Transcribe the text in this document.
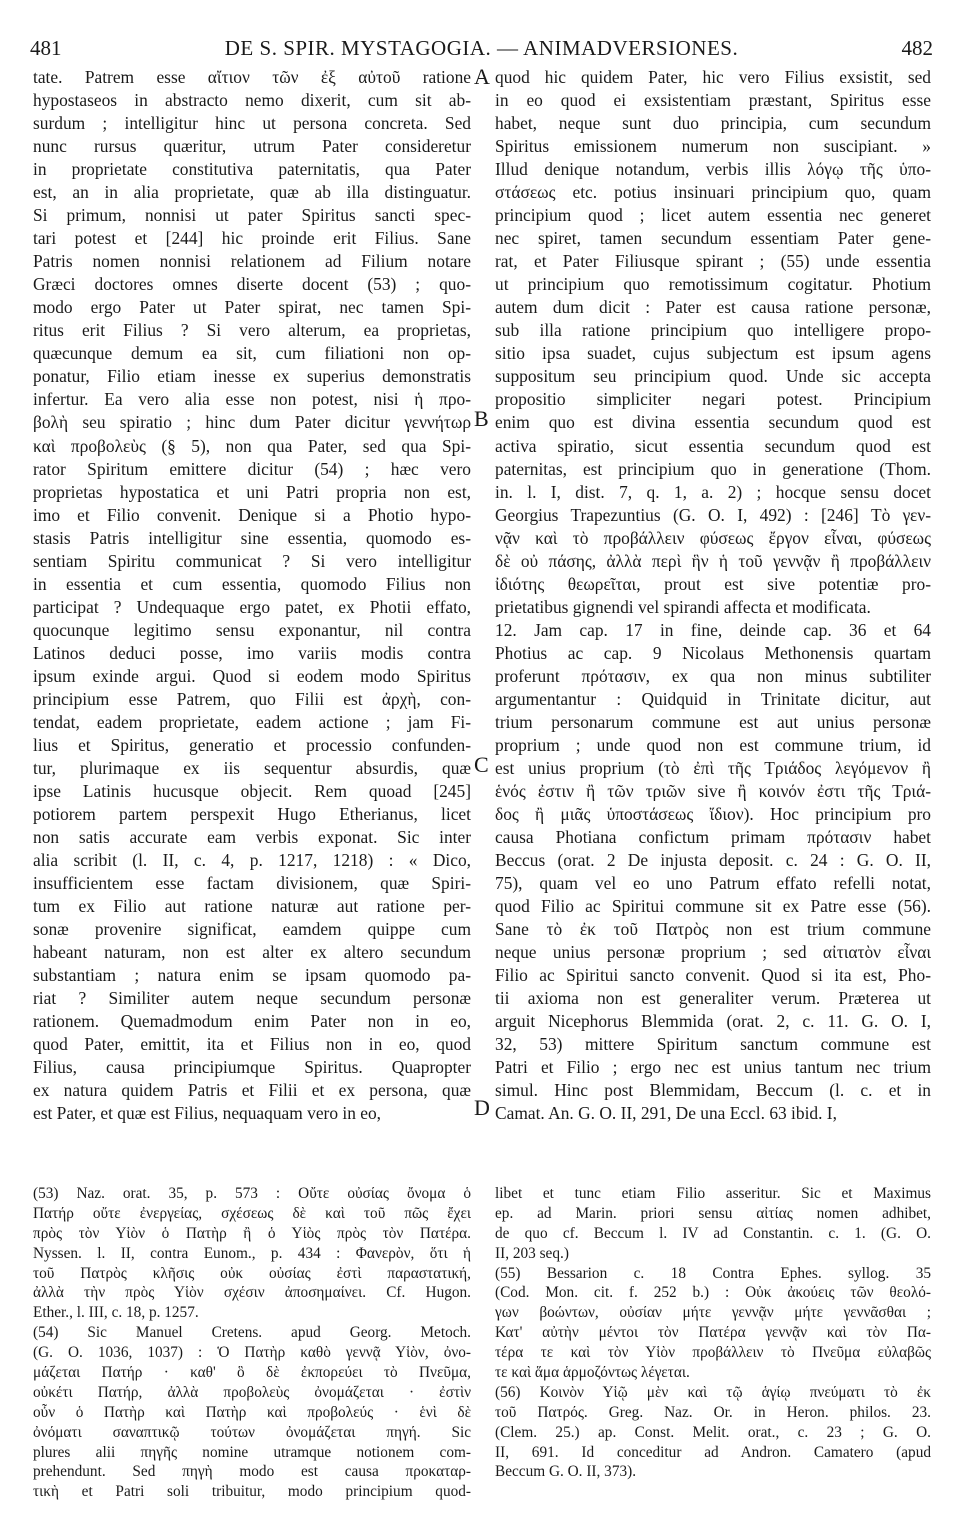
481	DE S. SPIR. MYSTAGOGIA. — ANIMADVERSIONES.	482
A
B
C
D
tate. Patrem esse αἴτιον τῶν ἐξ αὐτοῦ ratione
hypostaseos in abstracto nemo dixerit, cum sit ab-
surdum ; intelligitur hinc ut persona concreta. Sed
nunc rursus quæritur, utrum Pater consideretur
in proprietate constitutiva paternitatis, qua Pater
est, an in alia proprietate, quæ ab illa distinguatur.
Si primum, nonnisi ut pater Spiritus sancti spec-
tari potest et [244] hic proinde erit Filius. Sane
Patris nomen nonnisi relationem ad Filium notare
Græci doctores omnes diserte docent (53) ; quo-
modo ergo Pater ut Pater spirat, nec tamen Spi-
ritus erit Filius ? Si vero alterum, ea proprietas,
quæcunque demum ea sit, cum filiationi non op-
ponatur, Filio etiam inesse ex superius demonstratis
infertur. Ea vero alia esse non potest, nisi ἡ προ-
βολὴ seu spiratio ; hinc dum Pater dicitur γεννήτωρ
καὶ προβολεὺς (§ 5), non qua Pater, sed qua Spi-
rator Spiritum emittere dicitur (54) ; hæc vero
proprietas hypostatica et uni Patri propria non est,
imo et Filio convenit. Denique si a Photio hypo-
stasis Patris intelligitur sine essentia, quomodo es-
sentiam Spiritu communicat ? Si vero intelligitur
in essentia et cum essentia, quomodo Filius non
participat ? Undequaque ergo patet, ex Photii effato,
quocunque legitimo sensu exponantur, nil contra
Latinos deduci posse, imo variis modis contra
ipsum exinde argui. Quod si eodem modo Spiritus
principium esse Patrem, quo Filii est ἀρχὴ, con-
tendat, eadem proprietate, eadem actione ; jam Fi-
lius et Spiritus, generatio et processio confunden-
tur, plurimaque ex iis sequentur absurdis, quæ
ipse Latinis hucusque objecit. Rem quoad [245]
potiorem partem perspexit Hugo Etherianus, licet
non satis accurate eam verbis exponat. Sic inter
alia scribit (l. II, c. 4, p. 1217, 1218) : « Dico,
insufficientem esse factam divisionem, quæ Spiri-
tum ex Filio aut ratione naturæ aut ratione per-
sonæ provenire significat, eamdem quippe cum
habeant naturam, non est alter ex altero secundum
substantiam ; natura enim se ipsam quomodo pa-
riat ? Similiter autem neque secundum personæ
rationem. Quemadmodum enim Pater non in eo,
quod Pater, emittit, ita et Filius non in eo, quod
Filius, causa principiumque Spiritus. Quapropter
ex natura quidem Patris et Filii et ex persona, quæ
est Pater, et quæ est Filius, nequaquam vero in eo,
quod hic quidem Pater, hic vero Filius exsistit, sed
in eo quod ei exsistentiam præstant, Spiritus esse
habet, neque sunt duo principia, cum secundum
Spiritus emissionem numerum non suscipiant. »
Illud denique notandum, verbis illis λόγῳ τῆς ὑπο-
στάσεως etc. potius insinuari principium quo, quam
principium quod ; licet autem essentia nec generet
nec spiret, tamen secundum essentiam Pater gene-
rat, et Pater Filiusque spirant ; (55) unde essentia
ut principium quo remotissimum cogitatur. Photium
autem dum dicit : Pater est causa ratione personæ,
sub illa ratione principium quo intelligere propo-
sitio ipsa suadet, cujus subjectum est ipsum agens
suppositum seu principium quod. Unde sic accepta
propositio simpliciter negari potest. Principium
enim quo est divina essentia secundum quod est
activa spiratio, sicut essentia secundum quod est
paternitas, est principium quo in generatione (Thom.
in. l. I, dist. 7, q. 1, a. 2) ; hocque sensu docet
Georgius Trapezuntius (G. O. I, 492) : [246] Τὸ γεν-
νᾷν καὶ τὸ προβάλλειν φύσεως ἔργον εἶναι, φύσεως
δὲ οὐ πάσης, ἀλλὰ περὶ ἣν ἡ τοῦ γεννᾷν ἢ προβάλλειν
ἰδιότης θεωρεῖται, prout est sive potentiæ pro-
prietatibus gignendi vel spirandi affecta et modificata.
12. Jam cap. 17 in fine, deinde cap. 36 et 64
Photius ac cap. 9 Nicolaus Methonensis quartam
proferunt πρότασιν, ex qua non minus subtiliter
argumentantur : Quidquid in Trinitate dicitur, aut
trium personarum commune est aut unius personæ
proprium ; unde quod non est commune trium, id
est unius proprium (τὸ ἐπὶ τῆς Τριάδος λεγόμενον ἢ
ἑνός ἐστιν ἢ τῶν τριῶν sive ἢ κοινόν ἐστι τῆς Τριά-
δος ἢ μιᾶς ὑποστάσεως ἴδιον). Hoc principium pro
causa Photiana confictum primam πρότασιν habet
Beccus (orat. 2 De injusta deposit. c. 24 : G. O. II,
75), quam vel eo uno Patrum effato refelli notat,
quod Filio ac Spiritui commune sit ex Patre esse (56).
Sane τὸ ἐκ τοῦ Πατρὸς non est trium commune
neque unius personæ proprium ; sed αἰτιατὸν εἶναι
Filio ac Spiritui sancto convenit. Quod si ita est, Pho-
tii axioma non est generaliter verum. Præterea ut
arguit Nicephorus Blemmida (orat. 2, c. 11. G. O. I,
32, 53) mittere Spiritum sanctum commune est
Patri et Filio ; ergo nec est unius tantum nec trium
simul. Hinc post Blemmidam, Beccum (l. c. et in
Camat. An. G. O. II, 291, De una Eccl. 63 ibid. I,
(53) Naz. orat. 35, p. 573 : Οὔτε οὐσίας ὄνομα ὁ
Πατήρ οὔτε ἐνεργείας, σχέσεως δὲ καὶ τοῦ πῶς ἔχει
πρὸς τὸν Υἱὸν ὁ Πατὴρ ἢ ὁ Υἱὸς πρὸς τὸν Πατέρα.
Nyssen. l. II, contra Eunom., p. 434 : Φανερὸν, ὅτι ἡ
τοῦ Πατρὸς κλῆσις οὐκ οὐσίας ἐστὶ παραστατική,
ἀλλὰ τὴν πρὸς Υἱὸν σχέσιν ἀποσημαίνει. Cf. Hugon.
Ether., l. III, c. 18, p. 1257.
(54) Sic Manuel Cretens. apud Georg. Metoch.
(G. O. 1036, 1037) : Ὁ Πατὴρ καθὸ γεννᾷ Υἱὸν, ὀνο-
μάζεται Πατήρ · καθ' ὃ δὲ ἐκπορεύει τὸ Πνεῦμα,
οὐκέτι Πατήρ, ἀλλὰ προβολεὺς ὀνομάζεται · ἐστὶν
οὖν ὁ Πατὴρ καὶ Πατὴρ καὶ προβολεύς · ἑνὶ δὲ
ὀνόματι σαναπτικῷ τούτων ὀνομάζεται πηγή. Sic
plures alii πηγῆς nomine utramque notionem com-
prehendunt. Sed πηγὴ modo est causa προκαταρ-
τικὴ et Patri soli tribuitur, modo principium quod-
libet et tunc etiam Filio asseritur. Sic et Maximus
ep. ad Marin. priori sensu αἰτίας nomen adhibet,
de quo cf. Beccum l. IV ad Constantin. c. 1. (G. O.
II, 203 seq.)
(55) Bessarion c. 18 Contra Ephes. syllog. 35
(Cod. Mon. cit. f. 252 b.) : Οὐκ ἀκούεις τῶν θεολό-
γων βοώντων, οὐσίαν μήτε γεννᾷν μήτε γεννᾶσθαι ;
Κατ' αὐτὴν μέντοι τὸν Πατέρα γεννᾷν καὶ τὸν Πα-
τέρα τε καὶ τὸν Υἱὸν προβάλλειν τὸ Πνεῦμα εὐλαβῶς
τε καὶ ἅμα ἁρμοζόντως λέγεται.
(56) Κοινὸν Υἱῷ μὲν καὶ τῷ ἁγίῳ πνεύματι τὸ ἐκ
τοῦ Πατρός. Greg. Naz. Or. in Heron. philos. 23.
(Clem. 25.) ap. Const. Melit. orat., c. 23 ; G. O.
II, 691. Id conceditur ad Andron. Camatero (apud
Beccum G. O. II, 373).
